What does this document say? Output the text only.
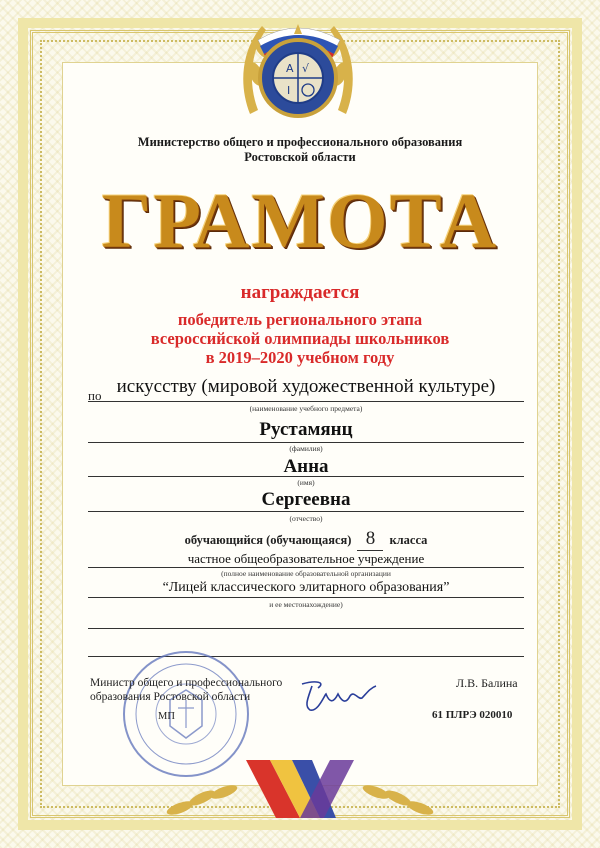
A √
I
Министерство общего и профессионального образования
Ростовской области
ГРАМОТА
награждается
победитель регионального этапа
всероссийской олимпиады школьников
в 2019–2020 учебном году
по искусству (мировой художественной культуре)
(наименование учебного предмета)
Рустамянц
(фамилия)
Анна
(имя)
Сергеевна
(отчество)
обучающийся (обучающаяся) 8 класса
частное общеобразовательное учреждение
(полное наименование образовательной организации
“Лицей классического элитарного образования”
и ее местонахождение)
Министр общего и профессионального
образования Ростовской области
МП
Л.В. Балина
61 ПЛРЭ 020010
